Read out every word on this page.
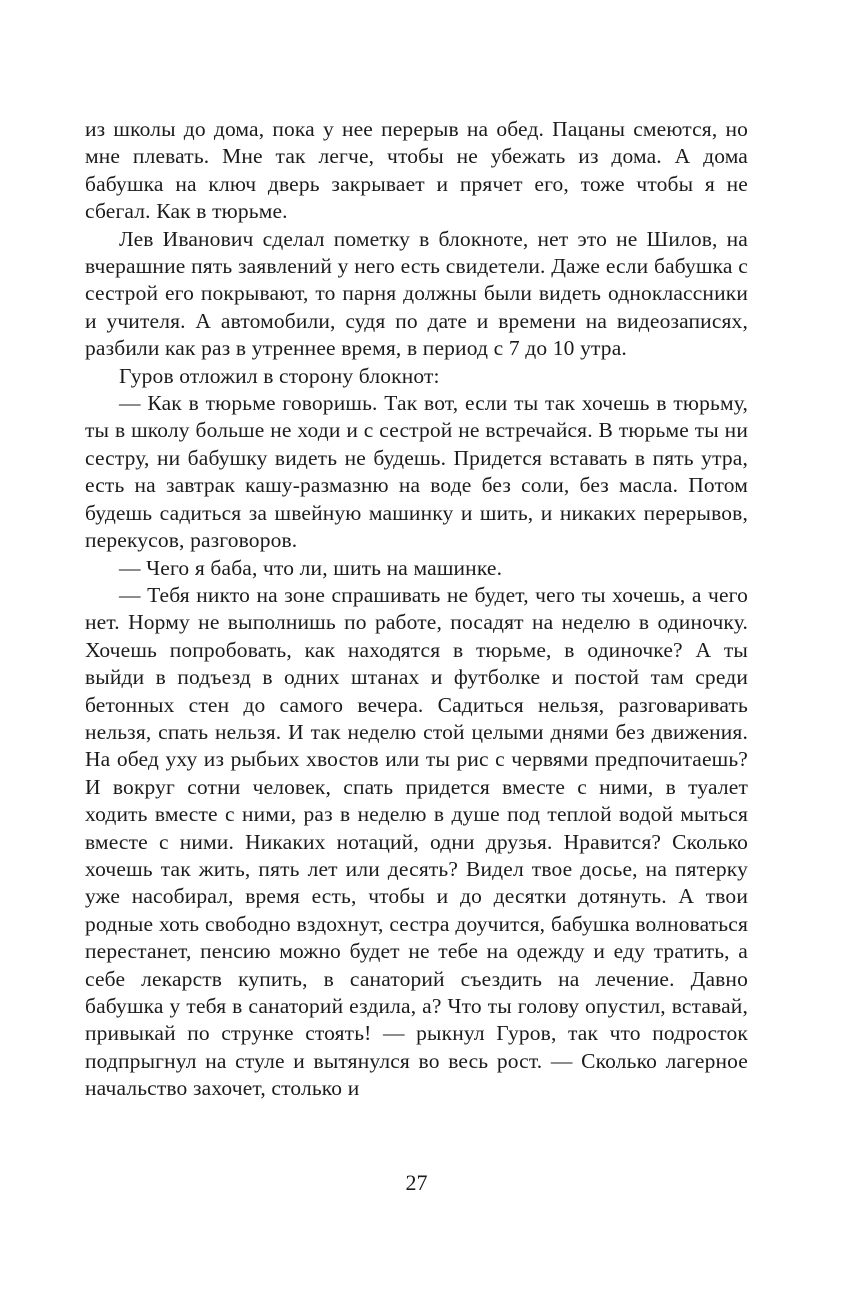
из школы до дома, пока у нее перерыв на обед. Пацаны смеются, но мне плевать. Мне так легче, чтобы не убежать из дома. А дома бабушка на ключ дверь закрывает и прячет его, тоже чтобы я не сбегал. Как в тюрьме.

Лев Иванович сделал пометку в блокноте, нет это не Шилов, на вчерашние пять заявлений у него есть свидетели. Даже если бабушка с сестрой его покрывают, то парня должны были видеть одноклассники и учителя. А автомобили, судя по дате и времени на видеозаписях, разбили как раз в утреннее время, в период с 7 до 10 утра.

Гуров отложил в сторону блокнот:

— Как в тюрьме говоришь. Так вот, если ты так хочешь в тюрьму, ты в школу больше не ходи и с сестрой не встречайся. В тюрьме ты ни сестру, ни бабушку видеть не будешь. Придется вставать в пять утра, есть на завтрак кашу-размазню на воде без соли, без масла. Потом будешь садиться за швейную машинку и шить, и никаких перерывов, перекусов, разговоров.

— Чего я баба, что ли, шить на машинке.

— Тебя никто на зоне спрашивать не будет, чего ты хочешь, а чего нет. Норму не выполнишь по работе, посадят на неделю в одиночку. Хочешь попробовать, как находятся в тюрьме, в одиночке? А ты выйди в подъезд в одних штанах и футболке и постой там среди бетонных стен до самого вечера. Садиться нельзя, разговаривать нельзя, спать нельзя. И так неделю стой целыми днями без движения. На обед уху из рыбьих хвостов или ты рис с червями предпочитаешь? И вокруг сотни человек, спать придется вместе с ними, в туалет ходить вместе с ними, раз в неделю в душе под теплой водой мыться вместе с ними. Никаких нотаций, одни друзья. Нравится? Сколько хочешь так жить, пять лет или десять? Видел твое досье, на пятерку уже насобирал, время есть, чтобы и до десятки дотянуть. А твои родные хоть свободно вздохнут, сестра доучится, бабушка волноваться перестанет, пенсию можно будет не тебе на одежду и еду тратить, а себе лекарств купить, в санаторий съездить на лечение. Давно бабушка у тебя в санаторий ездила, а? Что ты голову опустил, вставай, привыкай по струнке стоять! — рыкнул Гуров, так что подросток подпрыгнул на стуле и вытянулся во весь рост. — Сколько лагерное начальство захочет, столько и

27
